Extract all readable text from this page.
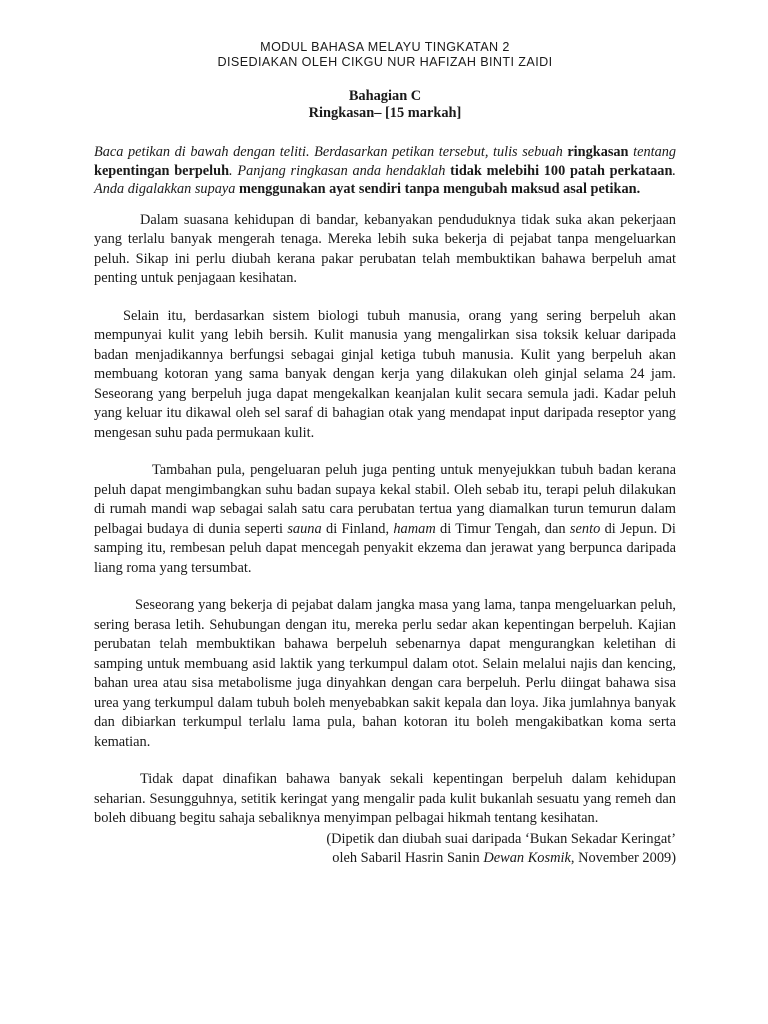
MODUL BAHASA MELAYU TINGKATAN 2
DISEDIAKAN OLEH CIKGU NUR HAFIZAH BINTI ZAIDI
Bahagian C
Ringkasan– [15 markah]
Baca petikan di bawah dengan teliti. Berdasarkan petikan tersebut, tulis sebuah ringkasan tentang kepentingan berpeluh. Panjang ringkasan anda hendaklah tidak melebihi 100 patah perkataan. Anda digalakkan supaya menggunakan ayat sendiri tanpa mengubah maksud asal petikan.

Dalam suasana kehidupan di bandar, kebanyakan penduduknya tidak suka akan pekerjaan yang terlalu banyak mengerah tenaga. Mereka lebih suka bekerja di pejabat tanpa mengeluarkan peluh. Sikap ini perlu diubah kerana pakar perubatan telah membuktikan bahawa berpeluh amat penting untuk penjagaan kesihatan.

Selain itu, berdasarkan sistem biologi tubuh manusia, orang yang sering berpeluh akan mempunyai kulit yang lebih bersih. Kulit manusia yang mengalirkan sisa toksik keluar daripada badan menjadikannya berfungsi sebagai ginjal ketiga tubuh manusia. Kulit yang berpeluh akan membuang kotoran yang sama banyak dengan kerja yang dilakukan oleh ginjal selama 24 jam. Seseorang yang berpeluh juga dapat mengekalkan keanjalan kulit secara semula jadi. Kadar peluh yang keluar itu dikawal oleh sel saraf di bahagian otak yang mendapat input daripada reseptor yang mengesan suhu pada permukaan kulit.

Tambahan pula, pengeluaran peluh juga penting untuk menyejukkan tubuh badan kerana peluh dapat mengimbangkan suhu badan supaya kekal stabil. Oleh sebab itu, terapi peluh dilakukan di rumah mandi wap sebagai salah satu cara perubatan tertua yang diamalkan turun temurun dalam pelbagai budaya di dunia seperti sauna di Finland, hamam di Timur Tengah, dan sento di Jepun. Di samping itu, rembesan peluh dapat mencegah penyakit ekzema dan jerawat yang berpunca daripada liang roma yang tersumbat.

Seseorang yang bekerja di pejabat dalam jangka masa yang lama, tanpa mengeluarkan peluh, sering berasa letih. Sehubungan dengan itu, mereka perlu sedar akan kepentingan berpeluh. Kajian perubatan telah membuktikan bahawa berpeluh sebenarnya dapat mengurangkan keletihan di samping untuk membuang asid laktik yang terkumpul dalam otot. Selain melalui najis dan kencing, bahan urea atau sisa metabolisme juga dinyahkan dengan cara berpeluh. Perlu diingat bahawa sisa urea yang terkumpul dalam tubuh boleh menyebabkan sakit kepala dan loya. Jika jumlahnya banyak dan dibiarkan terkumpul terlalu lama pula, bahan kotoran itu boleh mengakibatkan koma serta kematian.

Tidak dapat dinafikan bahawa banyak sekali kepentingan berpeluh dalam kehidupan seharian. Sesungguhnya, setitik keringat yang mengalir pada kulit bukanlah sesuatu yang remeh dan boleh dibuang begitu sahaja sebaliknya menyimpan pelbagai hikmah tentang kesihatan.

(Dipetik dan diubah suai daripada ‘Bukan Sekadar Keringat’
oleh Sabaril Hasrin Sanin Dewan Kosmik, November 2009)
